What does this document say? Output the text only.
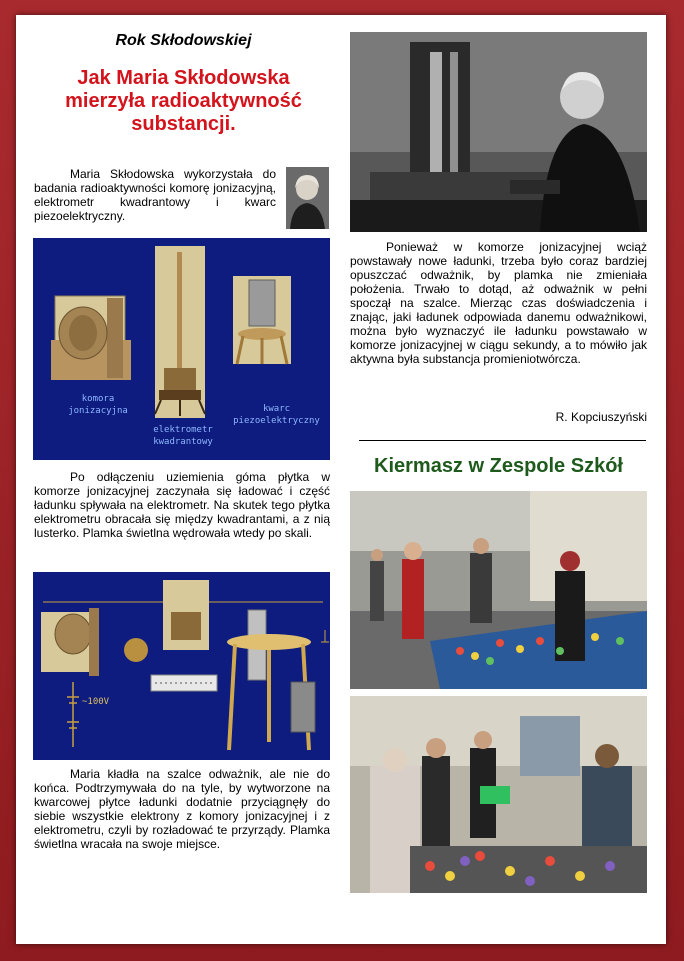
Rok Skłodowskiej
Jak Maria Skłodowska mierzyła radioaktywność substancji.
Maria Skłodowska wykorzystała do badania radioaktywności komorę jonizacyjną, elektrometr kwadrantowy i kwarc piezoelektryczny.
komora
jonizacyjna
elektrometr
kwadrantowy
kwarc
piezoelektryczny
Po odłączeniu uziemienia góma płytka w komorze jonizacyjnej zaczynała się ładować i część ładunku spływała na elektrometr. Na skutek tego płytka elektrometru obracała się między kwadrantami, a z nią lusterko. Plamka świetlna wędrowała wtedy po skali.
~100V
Maria kładła na szalce odważnik, ale nie do końca. Podtrzymywała do na tyle, by wytworzone na kwarcowej płytce ładunki dodatnie przyciągnęły do siebie wszystkie elektrony z komory jonizacyjnej i z elektrometru, czyli by rozładować te przyrządy. Plamka świetlna wracała na swoje miejsce.
Ponieważ w komorze jonizacyjnej wciąż powstawały nowe ładunki, trzeba było coraz bardziej opuszczać odważnik, by plamka nie zmieniała położenia. Trwało to dotąd, aż odważnik w pełni spoczął na szalce. Mierząc czas doświadczenia i znając, jaki ładunek odpowiada danemu odważnikowi, można było wyznaczyć ile ładunku powstawało w komorze jonizacyjnej w ciągu sekundy, a to mówiło jak aktywna była substancja promieniotwórcza.
R. Kopciuszyński
Kiermasz w Zespole Szkół
